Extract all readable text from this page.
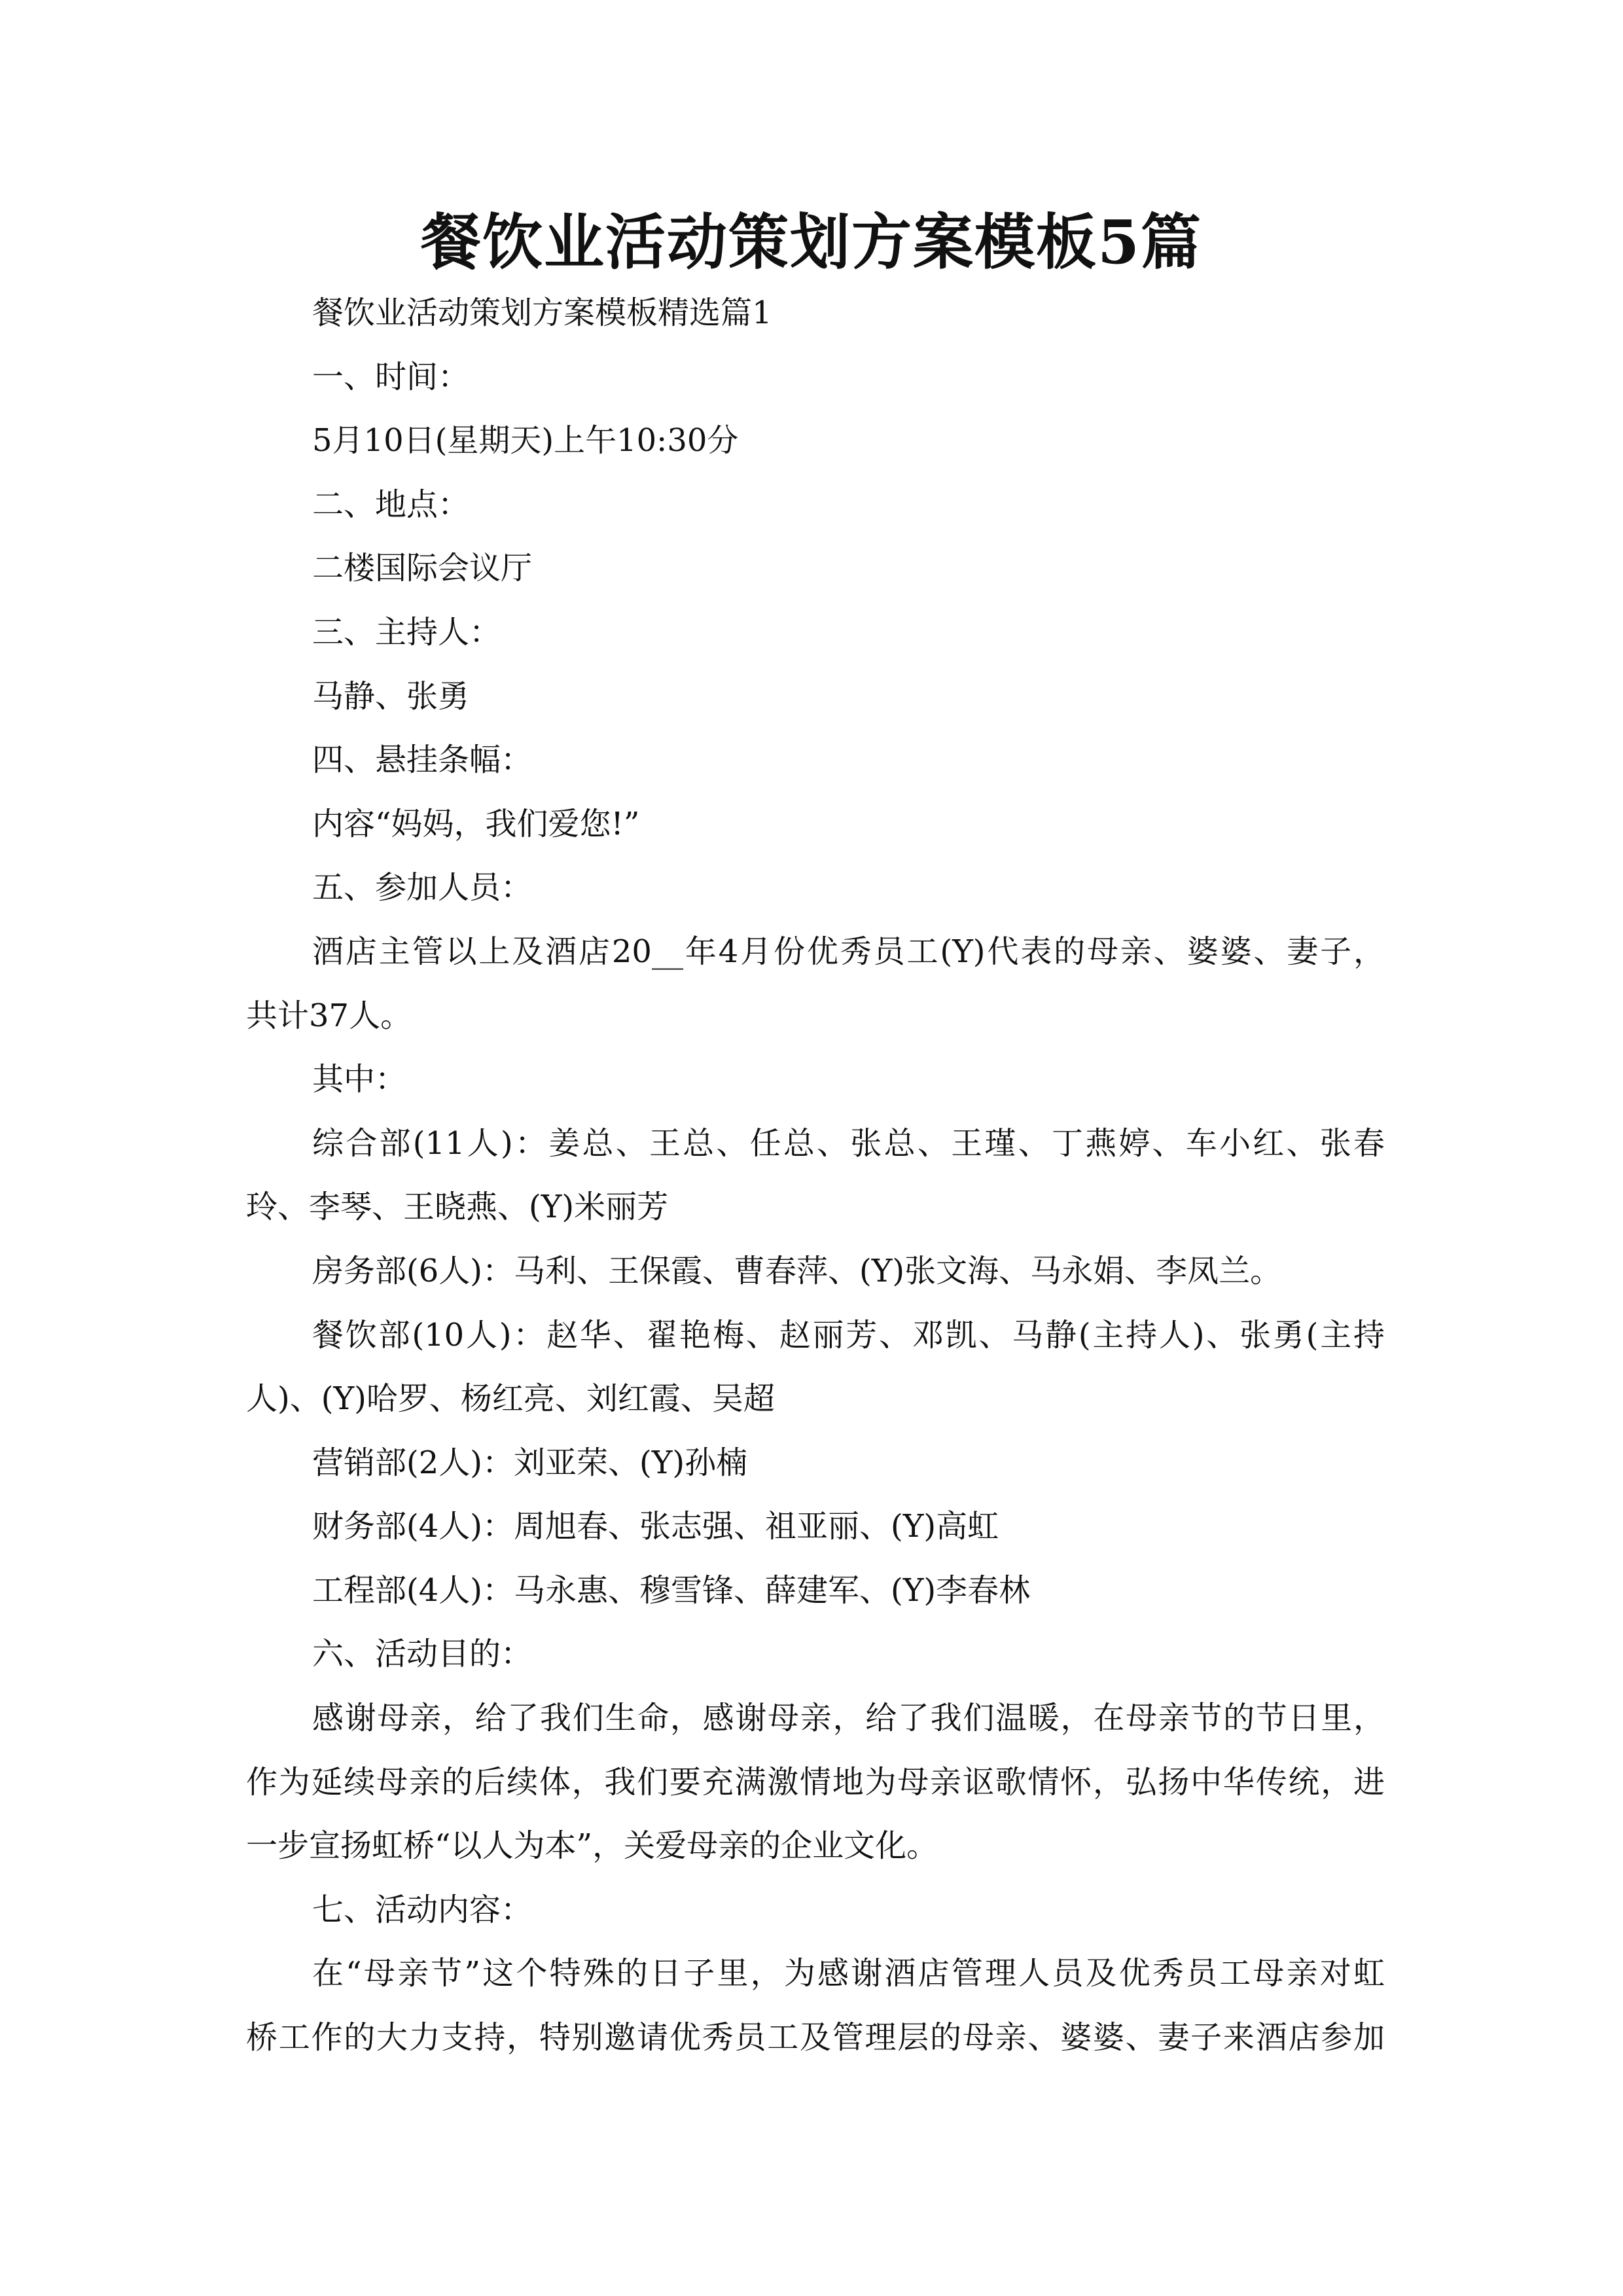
餐饮业活动策划方案模板5篇
餐饮业活动策划方案模板精选篇1
一、时间：
5月10日(星期天)上午10:30分
二、地点：
二楼国际会议厅
三、主持人：
马静、张勇
四、悬挂条幅：
内容“妈妈，我们爱您!”
五、参加人员：
酒店主管以上及酒店20__年4月份优秀员工(Y)代表的母亲、婆婆、妻子，
共计37人。
其中：
综合部(11人)：姜总、王总、任总、张总、王瑾、丁燕婷、车小红、张春
玲、李琴、王晓燕、(Y)米丽芳
房务部(6人)：马利、王保霞、曹春萍、(Y)张文海、马永娟、李凤兰。
餐饮部(10人)：赵华、翟艳梅、赵丽芳、邓凯、马静(主持人)、张勇(主持
人)、(Y)哈罗、杨红亮、刘红霞、吴超
营销部(2人)：刘亚荣、(Y)孙楠
财务部(4人)：周旭春、张志强、祖亚丽、(Y)高虹
工程部(4人)：马永惠、穆雪锋、薛建军、(Y)李春林
六、活动目的：
感谢母亲，给了我们生命，感谢母亲，给了我们温暖，在母亲节的节日里，
作为延续母亲的后续体，我们要充满激情地为母亲讴歌情怀，弘扬中华传统，进
一步宣扬虹桥“以人为本”，关爱母亲的企业文化。
七、活动内容：
在“母亲节”这个特殊的日子里，为感谢酒店管理人员及优秀员工母亲对虹
桥工作的大力支持，特别邀请优秀员工及管理层的母亲、婆婆、妻子来酒店参加
